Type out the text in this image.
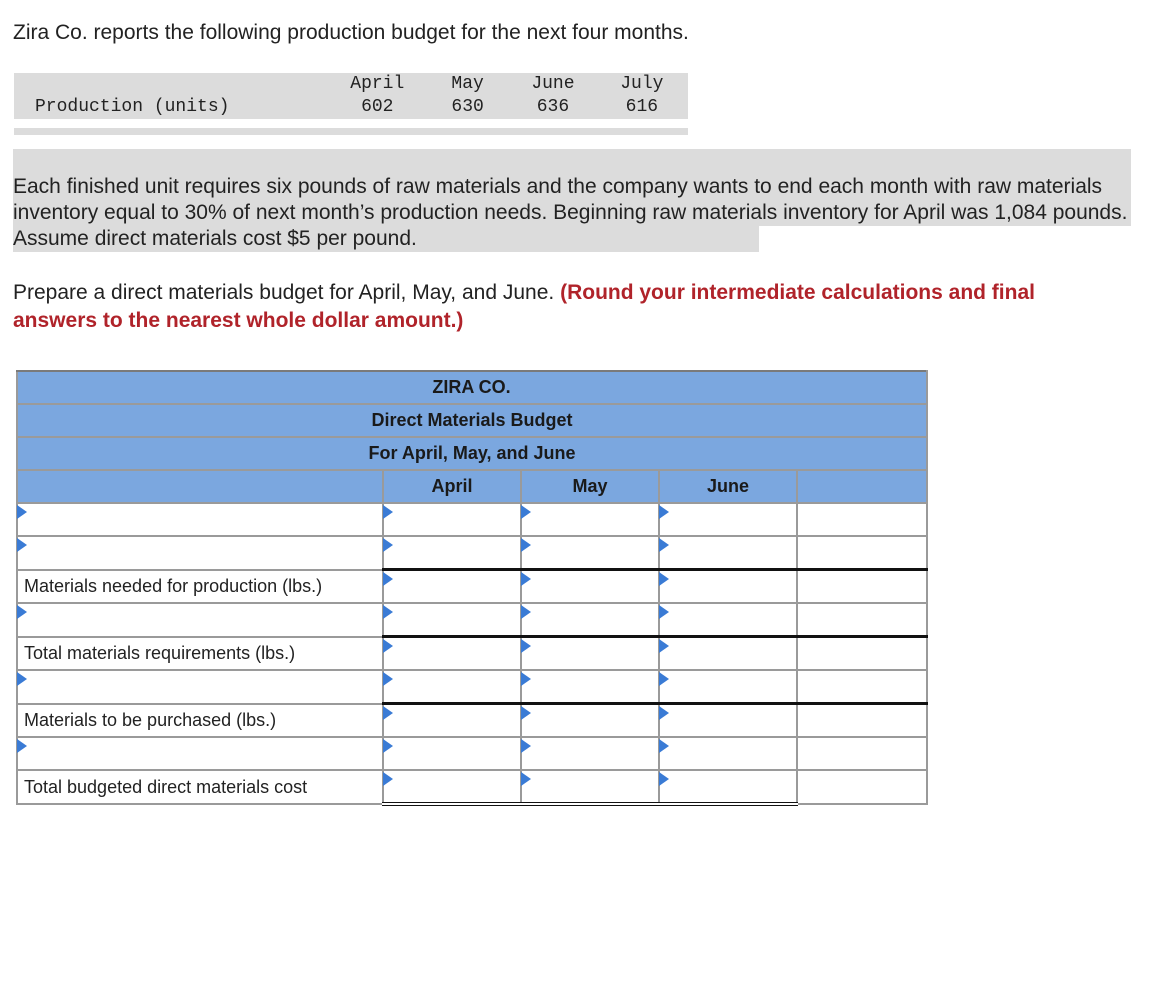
Zira Co. reports the following production budget for the next four months.

	April	May	June	July
Production (units)	602	630	636	616

Each finished unit requires six pounds of raw materials and the company wants to end each month with raw materials inventory equal to 30% of next month’s production needs. Beginning raw materials inventory for April was 1,084 pounds. Assume direct materials cost $5 per pound.

Prepare a direct materials budget for April, May, and June. (Round your intermediate calculations and final answers to the nearest whole dollar amount.)

ZIRA CO.				
Direct Materials Budget				
For April, May, and June				
	April	May	June	

Materials needed for production (lbs.)	

Total materials requirements (lbs.)	

Materials to be purchased (lbs.)	

Total budgeted direct materials cost	
